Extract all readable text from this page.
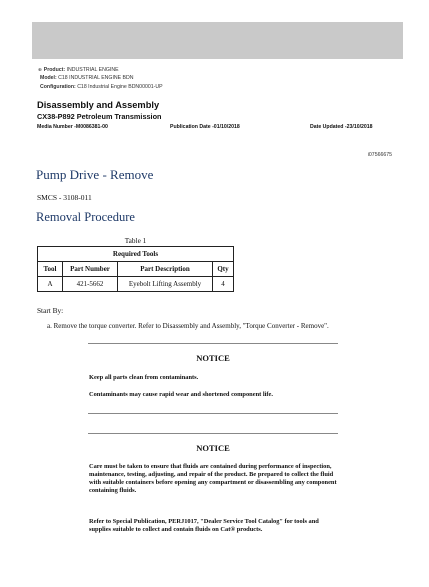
⊕ Product: INDUSTRIAL ENGINE
Model: C18 INDUSTRIAL ENGINE BDN
Configuration: C18 Industrial Engine BDN00001-UP
Disassembly and Assembly
CX38-P892 Petroleum Transmission
Media Number -M0086381-00	Publication Date -01/10/2018	Date Updated -23/10/2018
i07566675
Pump Drive - Remove
SMCS - 3108-011
Removal Procedure
Table 1
Required Tools			
Tool	Part Number	Part Description	Qty
A	421-5662	Eyebolt Lifting Assembly	4
Start By:
a. Remove the torque converter. Refer to Disassembly and Assembly, "Torque Converter - Remove".
NOTICE
Keep all parts clean from contaminants.
Contaminants may cause rapid wear and shortened component life.
NOTICE
Care must be taken to ensure that fluids are contained during performance of inspection, maintenance, testing, adjusting, and repair of the product. Be prepared to collect the fluid with suitable containers before opening any compartment or disassembling any component containing fluids.
Refer to Special Publication, PERJ1017, "Dealer Service Tool Catalog" for tools and supplies suitable to collect and contain fluids on Cat® products.
